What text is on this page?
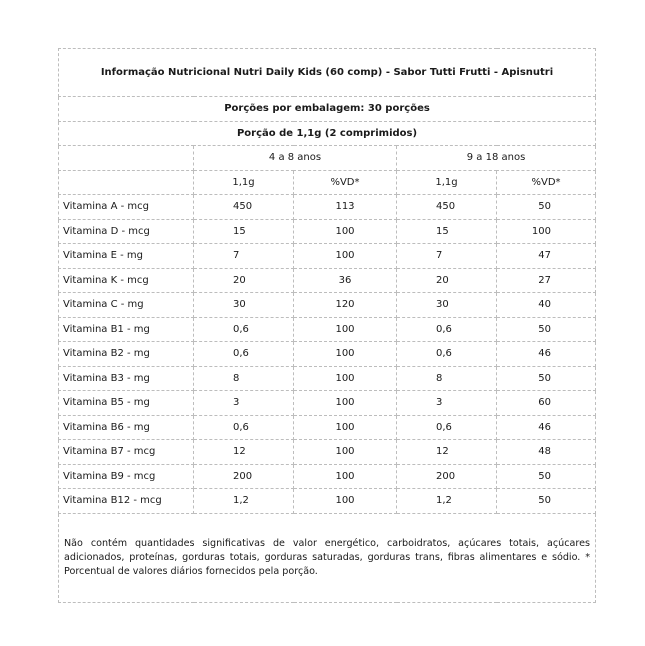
Informação Nutricional Nutri Daily Kids (60 comp) - Sabor Tutti Frutti - Apisnutri				
Porções por embalagem: 30 porções				
Porção de 1,1g (2 comprimidos)				
	4 a 8 anos		9 a 18 anos	
	1,1g	%VD*	1,1g	%VD*
Vitamina A - mcg	450	113	450	50
Vitamina D - mcg	15	100	15	100
Vitamina E - mg	7	100	7	47
Vitamina K - mcg	20	36	20	27
Vitamina C - mg	30	120	30	40
Vitamina B1 - mg	0,6	100	0,6	50
Vitamina B2 - mg	0,6	100	0,6	46
Vitamina B3 - mg	8	100	8	50
Vitamina B5 - mg	3	100	3	60
Vitamina B6 - mg	0,6	100	0,6	46
Vitamina B7 - mcg	12	100	12	48
Vitamina B9 - mcg	200	100	200	50
Vitamina B12 - mcg	1,2	100	1,2	50
Não contém quantidades significativas de valor energético, carboidratos, açúcares totais, açúcares adicionados, proteínas, gorduras totais, gorduras saturadas, gorduras trans, fibras alimentares e sódio. * Porcentual de valores diários fornecidos pela porção.				
